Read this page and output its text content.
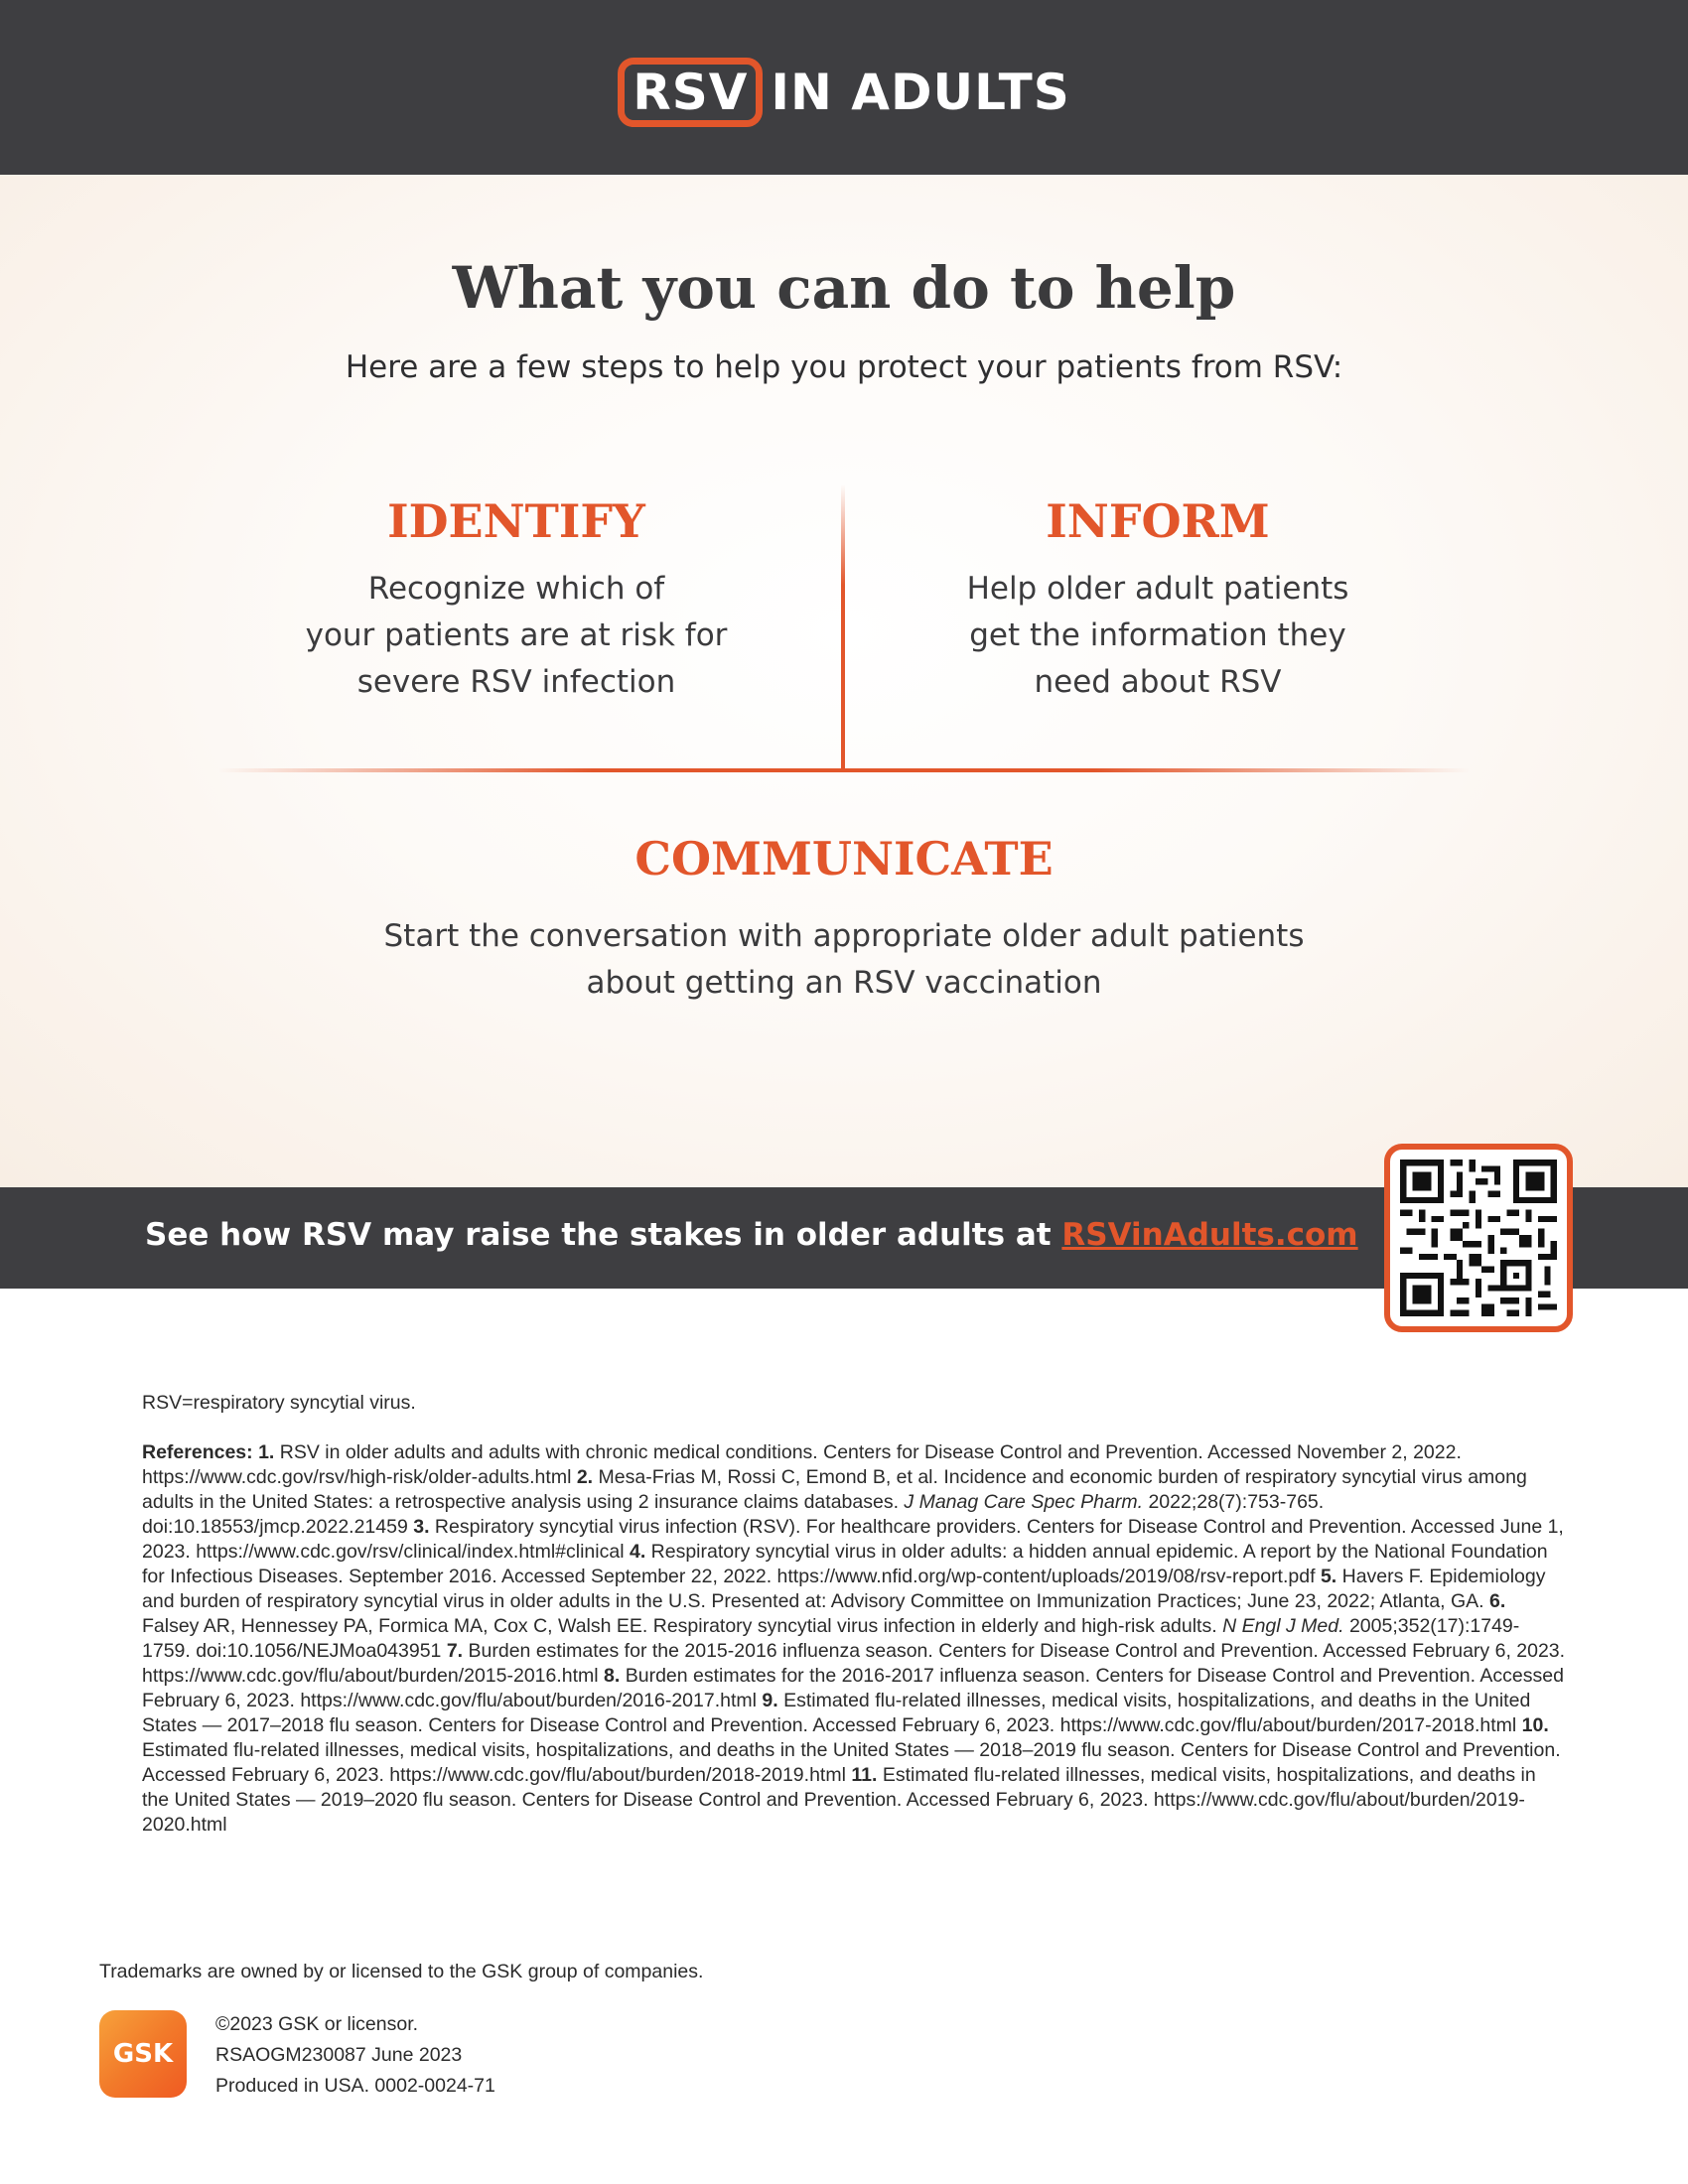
RSV IN ADULTS
What you can do to help
Here are a few steps to help you protect your patients from RSV:
IDENTIFY
Recognize which of
your patients are at risk for
severe RSV infection
INFORM
Help older adult patients
get the information they
need about RSV
COMMUNICATE
Start the conversation with appropriate older adult patients
about getting an RSV vaccination
See how RSV may raise the stakes in older adults at RSVinAdults.com
RSV=respiratory syncytial virus.
References: 1. RSV in older adults and adults with chronic medical conditions. Centers for Disease Control and Prevention. Accessed November 2, 2022. https://www.cdc.gov/rsv/high-risk/older-adults.html 2. Mesa-Frias M, Rossi C, Emond B, et al. Incidence and economic burden of respiratory syncytial virus among adults in the United States: a retrospective analysis using 2 insurance claims databases. J Manag Care Spec Pharm. 2022;28(7):753-765. doi:10.18553/jmcp.2022.21459 3. Respiratory syncytial virus infection (RSV). For healthcare providers. Centers for Disease Control and Prevention. Accessed June 1, 2023. https://www.cdc.gov/rsv/clinical/index.html#clinical 4. Respiratory syncytial virus in older adults: a hidden annual epidemic. A report by the National Foundation for Infectious Diseases. September 2016. Accessed September 22, 2022. https://www.nfid.org/wp-content/uploads/2019/08/rsv-report.pdf 5. Havers F. Epidemiology and burden of respiratory syncytial virus in older adults in the U.S. Presented at: Advisory Committee on Immunization Practices; June 23, 2022; Atlanta, GA. 6. Falsey AR, Hennessey PA, Formica MA, Cox C, Walsh EE. Respiratory syncytial virus infection in elderly and high-risk adults. N Engl J Med. 2005;352(17):1749-1759. doi:10.1056/NEJMoa043951 7. Burden estimates for the 2015-2016 influenza season. Centers for Disease Control and Prevention. Accessed February 6, 2023. https://www.cdc.gov/flu/about/burden/2015-2016.html 8. Burden estimates for the 2016-2017 influenza season. Centers for Disease Control and Prevention. Accessed February 6, 2023. https://www.cdc.gov/flu/about/burden/2016-2017.html 9. Estimated flu-related illnesses, medical visits, hospitalizations, and deaths in the United States — 2017–2018 flu season. Centers for Disease Control and Prevention. Accessed February 6, 2023. https://www.cdc.gov/flu/about/burden/2017-2018.html 10. Estimated flu-related illnesses, medical visits, hospitalizations, and deaths in the United States — 2018–2019 flu season. Centers for Disease Control and Prevention. Accessed February 6, 2023. https://www.cdc.gov/flu/about/burden/2018-2019.html 11. Estimated flu-related illnesses, medical visits, hospitalizations, and deaths in the United States — 2019–2020 flu season. Centers for Disease Control and Prevention. Accessed February 6, 2023. https://www.cdc.gov/flu/about/burden/2019-2020.html
Trademarks are owned by or licensed to the GSK group of companies.
GSK
©2023 GSK or licensor.
RSAOGM230087 June 2023
Produced in USA. 0002-0024-71
